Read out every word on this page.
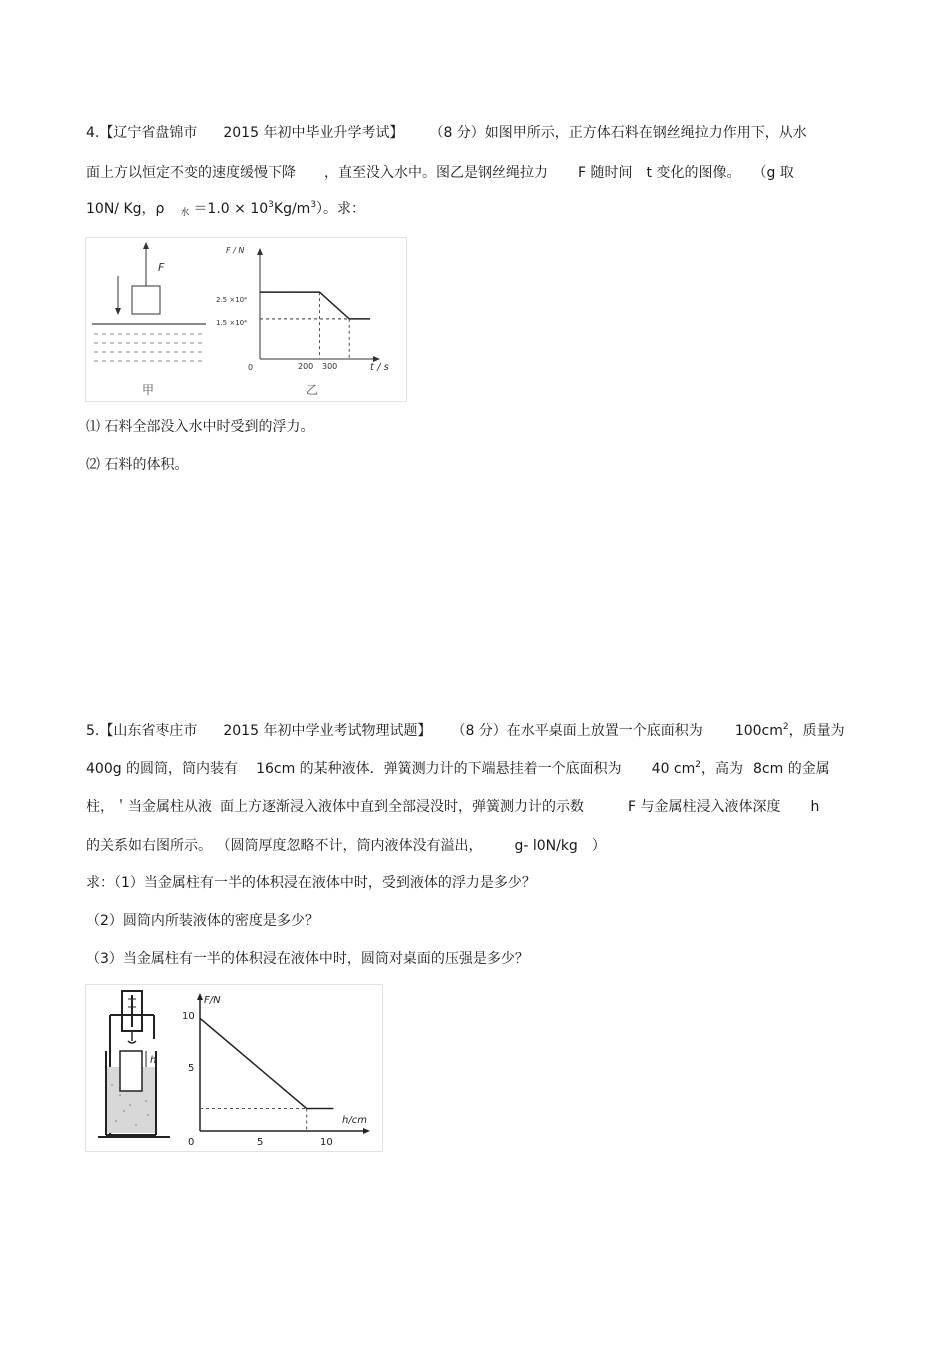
4.【辽宁省盘锦市 2015 年初中毕业升学考试】 （8 分）如图甲所示，正方体石料在钢丝绳拉力作用下，从水
面上方以恒定不变的速度缓慢下降 ，直至没入水中。图乙是钢丝绳拉力 F 随时间 t 变化的图像。 （g 取
10N/ Kg，ρ $_水 =1.0 \times 10^3Kg/m^3$）。求：
F
甲
F / N
t / s
0
2.5 ×10⁴
1.5 ×10⁴
200 300
乙
⑴ 石料全部没入水中时受到的浮力。
⑵ 石料的体积。
5.【山东省枣庄市 2015 年初中学业考试物理试题】 （8 分）在水平桌面上放置一个底面积为 $100cm^2$，质量为
400g 的圆筒，筒内装有 16cm 的某种液体．弹簧测力计的下端悬挂着一个底面积为 40 $cm^2$，高为 8cm 的金属
柱，＇当金属柱从液 面上方逐渐浸入液体中直到全部浸没时，弹簧测力计的示数	F 与金属柱浸入液体深度 h
的关系如右图所示。 （圆筒厚度忽略不计，筒内液体没有溢出， g- l0N/kg ）
求：（1）当金属柱有一半的体积浸在液体中时，受到液体的浮力是多少？
（2）圆筒内所装液体的密度是多少？
（3）当金属柱有一半的体积浸在液体中时，圆筒对桌面的压强是多少？
h
F/N
h/cm
0
10
5
5	10
